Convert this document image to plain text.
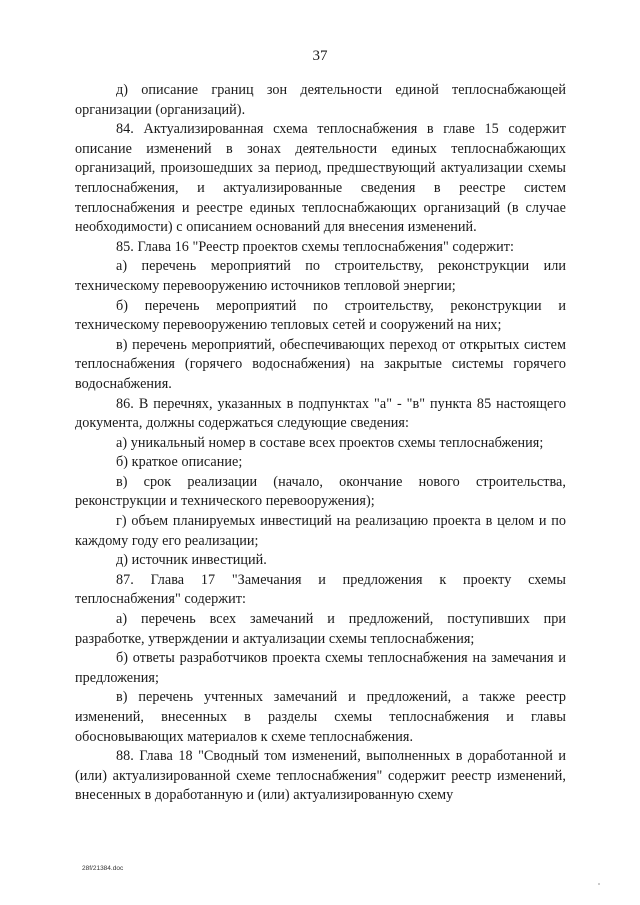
37

д) описание границ зон деятельности единой теплоснабжающей организации (организаций).

84. Актуализированная схема теплоснабжения в главе 15 содержит описание изменений в зонах деятельности единых теплоснабжающих организаций, произошедших за период, предшествующий актуализации схемы теплоснабжения, и актуализированные сведения в реестре систем теплоснабжения и реестре единых теплоснабжающих организаций (в случае необходимости) с описанием оснований для внесения изменений.

85. Глава 16 "Реестр проектов схемы теплоснабжения" содержит:

а) перечень мероприятий по строительству, реконструкции или техническому перевооружению источников тепловой энергии;

б) перечень мероприятий по строительству, реконструкции и техническому перевооружению тепловых сетей и сооружений на них;

в) перечень мероприятий, обеспечивающих переход от открытых систем теплоснабжения (горячего водоснабжения) на закрытые системы горячего водоснабжения.

86. В перечнях, указанных в подпунктах "а" - "в" пункта 85 настоящего документа, должны содержаться следующие сведения:

а) уникальный номер в составе всех проектов схемы теплоснабжения;

б) краткое описание;

в) срок реализации (начало, окончание нового строительства, реконструкции и технического перевооружения);

г) объем планируемых инвестиций на реализацию проекта в целом и по каждому году его реализации;

д) источник инвестиций.

87. Глава 17 "Замечания и предложения к проекту схемы теплоснабжения" содержит:

а) перечень всех замечаний и предложений, поступивших при разработке, утверждении и актуализации схемы теплоснабжения;

б) ответы разработчиков проекта схемы теплоснабжения на замечания и предложения;

в) перечень учтенных замечаний и предложений, а также реестр изменений, внесенных в разделы схемы теплоснабжения и главы обосновывающих материалов к схеме теплоснабжения.

88. Глава 18 "Сводный том изменений, выполненных в доработанной и (или) актуализированной схеме теплоснабжения" содержит реестр изменений, внесенных в доработанную и (или) актуализированную схему

28f/21384.doc
